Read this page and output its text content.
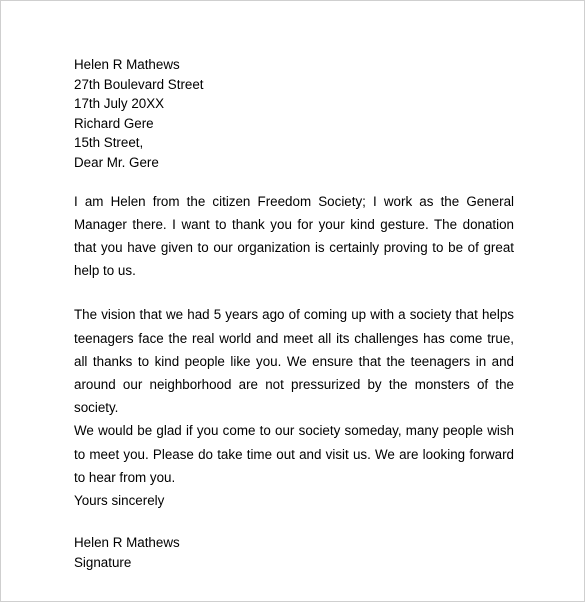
Helen R Mathews
27th Boulevard Street
17th July 20XX
Richard Gere
15th Street,
Dear Mr. Gere

I am Helen from the citizen Freedom Society; I work as the General Manager there. I want to thank you for your kind gesture. The donation that you have given to our organization is certainly proving to be of great help to us.

The vision that we had 5 years ago of coming up with a society that helps teenagers face the real world and meet all its challenges has come true, all thanks to kind people like you. We ensure that the teenagers in and around our neighborhood are not pressurized by the monsters of the society.

We would be glad if you come to our society someday, many people wish to meet you. Please do take time out and visit us. We are looking forward to hear from you.

Yours sincerely
Helen R Mathews
Signature
